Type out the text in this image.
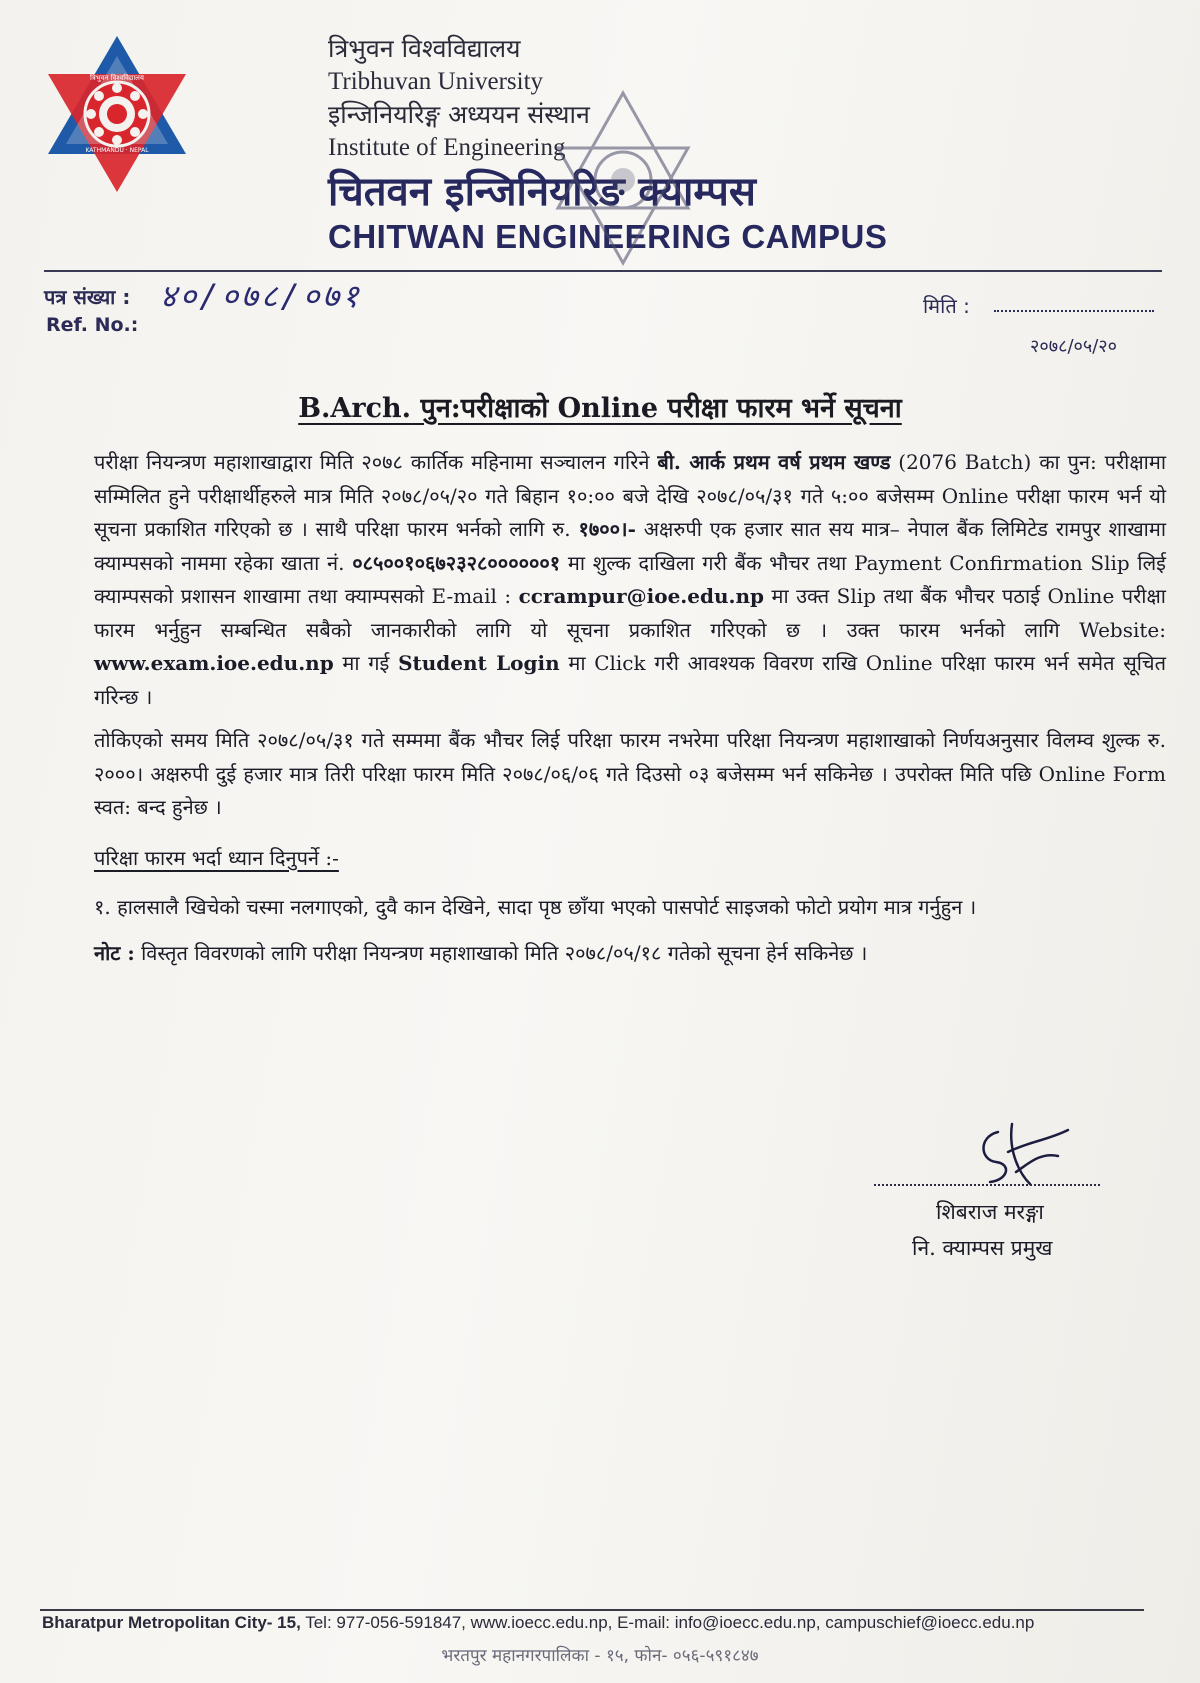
त्रिभुवन विश्वविद्यालय
KATHMANDU · NEPAL
त्रिभुवन विश्वविद्यालय
Tribhuvan University
इन्जिनियरिङ्ग अध्ययन संस्थान
Institute of Engineering
चितवन इन्जिनियरिङ क्याम्पस
CHITWAN ENGINEERING CAMPUS
पत्र संख्या :
Ref. No.:
४०/०७८/०७१	मिति :
२०७८/०५/२०
B.Arch. पुन:परीक्षाको Online परीक्षा फारम भर्ने सूचना

परीक्षा नियन्त्रण महाशाखाद्वारा मिति २०७८ कार्तिक महिनामा सञ्चालन गरिने बी. आर्क प्रथम वर्ष प्रथम खण्ड (2076 Batch) का पुन: परीक्षामा सम्मिलित हुने परीक्षार्थीहरुले मात्र मिति २०७८/०५/२० गते बिहान १०:०० बजे देखि २०७८/०५/३१ गते ५:०० बजेसम्म Online परीक्षा फारम भर्न यो सूचना प्रकाशित गरिएको छ । साथै परिक्षा फारम भर्नको लागि रु. १७००।- अक्षरुपी एक हजार सात सय मात्र– नेपाल बैंक लिमिटेड रामपुर शाखामा क्याम्पसको नाममा रहेका खाता नं. ०८५००१०६७२३२८००००००१ मा शुल्क दाखिला गरी बैंक भौचर तथा Payment Confirmation Slip लिई क्याम्पसको प्रशासन शाखामा तथा क्याम्पसको E-mail : ccrampur@ioe.edu.np मा उक्त Slip तथा बैंक भौचर पठाई Online परीक्षा फारम भर्नुहुन सम्बन्धित सबैको जानकारीको लागि यो सूचना प्रकाशित गरिएको छ । उक्त फारम भर्नको लागि Website: www.exam.ioe.edu.np मा गई Student Login मा Click गरी आवश्यक विवरण राखि Online परिक्षा फारम भर्न समेत सूचित गरिन्छ ।

तोकिएको समय मिति २०७८/०५/३१ गते सम्ममा बैंक भौचर लिई परिक्षा फारम नभरेमा परिक्षा नियन्त्रण महाशाखाको निर्णयअनुसार विलम्व शुल्क रु. २०००। अक्षरुपी दुई हजार मात्र तिरी परिक्षा फारम मिति २०७८/०६/०६ गते दिउसो ०३ बजेसम्म भर्न सकिनेछ । उपरोक्त मिति पछि Online Form स्वत: बन्द हुनेछ ।

परिक्षा फारम भर्दा ध्यान दिनुपर्ने :-

१. हालसालै खिचेको चस्मा नलगाएको, दुवै कान देखिने, सादा पृष्ठ छाँया भएको पासपोर्ट साइजको फोटो प्रयोग मात्र गर्नुहुन ।

नोट : विस्तृत विवरणको लागि परीक्षा नियन्त्रण महाशाखाको मिति २०७८/०५/१८ गतेको सूचना हेर्न सकिनेछ ।

शिबराज मरङ्गा
नि. क्याम्पस प्रमुख
Bharatpur Metropolitan City- 15, Tel: 977-056-591847, www.ioecc.edu.np, E-mail: info@ioecc.edu.np, campuschief@ioecc.edu.np
भरतपुर महानगरपालिका - १५, फोन- ०५६-५९१८४७
